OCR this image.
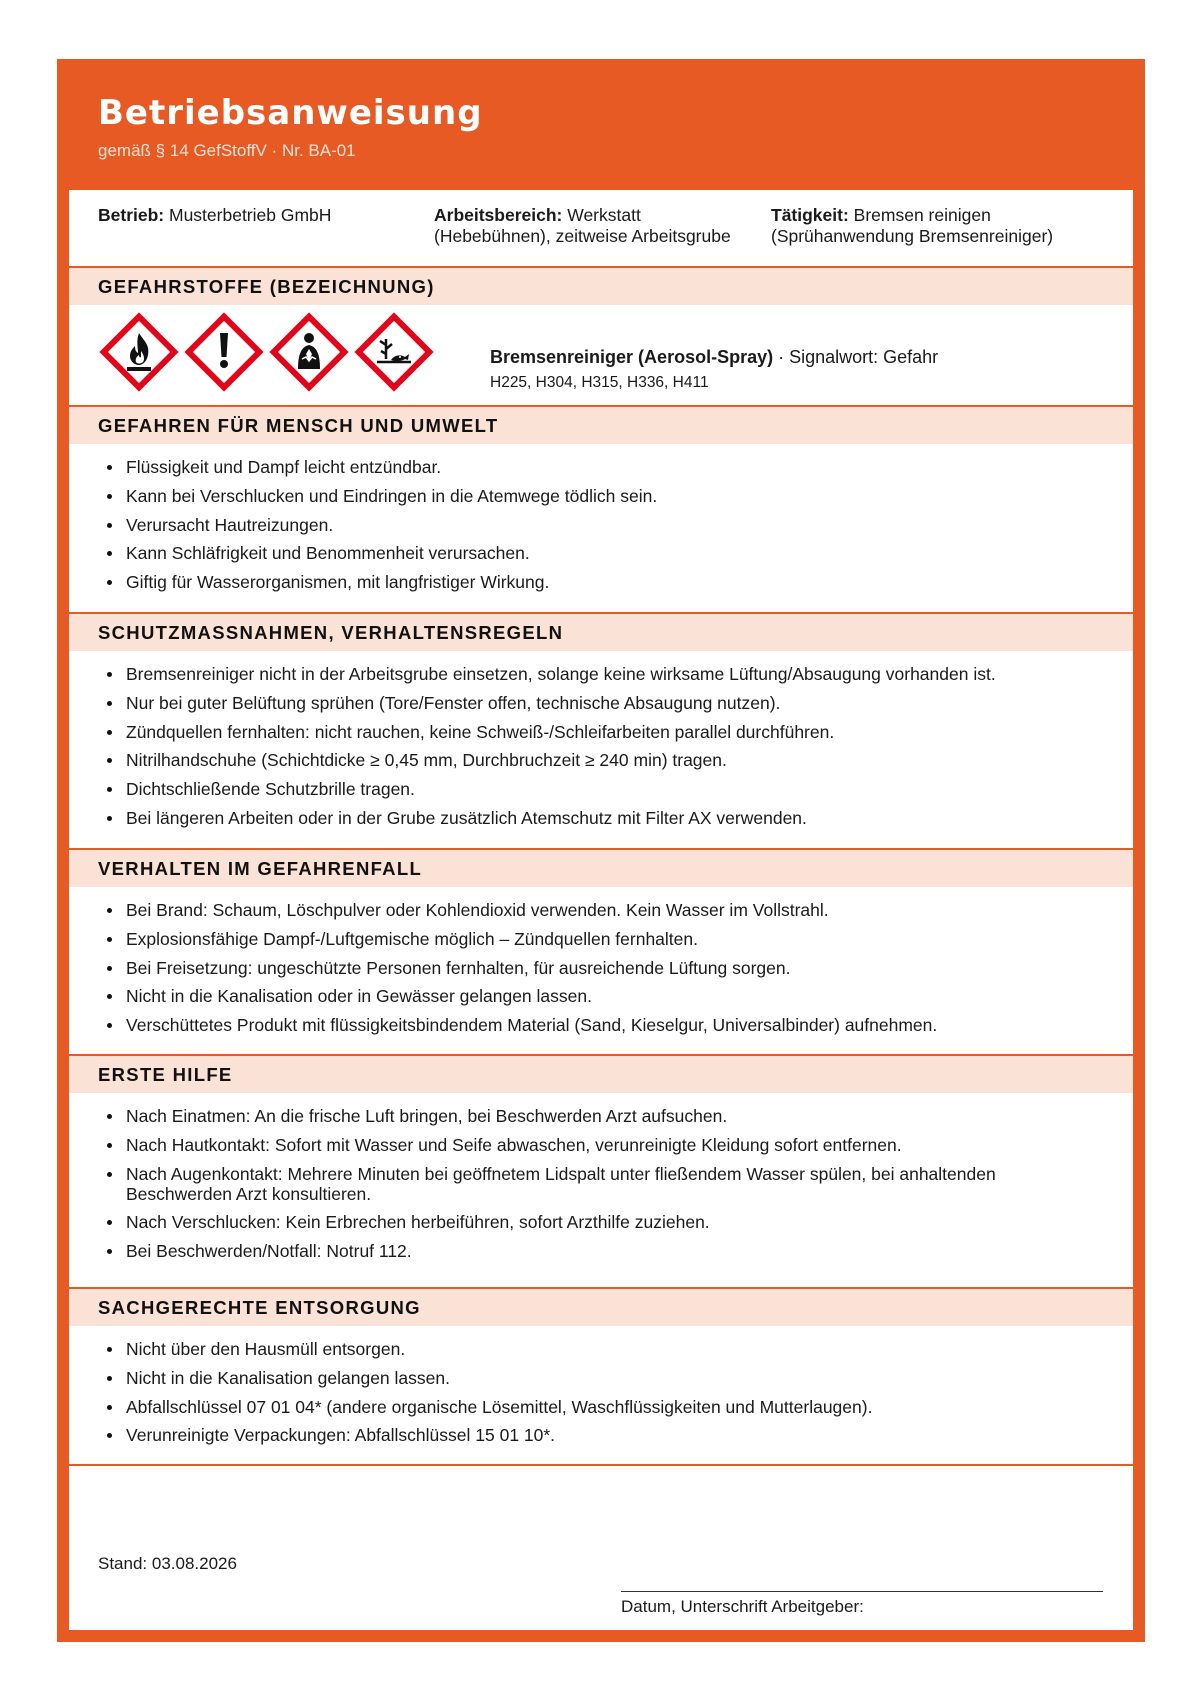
Betriebsanweisung
gemäß § 14 GefStoffV · Nr. BA-01
Betrieb: Musterbetrieb GmbH	Arbeitsbereich: Werkstatt
(Hebebühnen), zeitweise Arbeitsgrube
Tätigkeit: Bremsen reinigen
(Sprühanwendung Bremsenreiniger)
GEFAHRSTOFFE (BEZEICHNUNG)
Bremsenreiniger (Aerosol-Spray) · Signalwort: Gefahr
H225, H304, H315, H336, H411
GEFAHREN FÜR MENSCH UND UMWELT
Flüssigkeit und Dampf leicht entzündbar.
Kann bei Verschlucken und Eindringen in die Atemwege tödlich sein.
Verursacht Hautreizungen.
Kann Schläfrigkeit und Benommenheit verursachen.
Giftig für Wasserorganismen, mit langfristiger Wirkung.
SCHUTZMASSNAHMEN, VERHALTENSREGELN
Bremsenreiniger nicht in der Arbeitsgrube einsetzen, solange keine wirksame Lüftung/Absaugung vorhanden ist.
Nur bei guter Belüftung sprühen (Tore/Fenster offen, technische Absaugung nutzen).
Zündquellen fernhalten: nicht rauchen, keine Schweiß-/Schleifarbeiten parallel durchführen.
Nitrilhandschuhe (Schichtdicke ≥ 0,45 mm, Durchbruchzeit ≥ 240 min) tragen.
Dichtschließende Schutzbrille tragen.
Bei längeren Arbeiten oder in der Grube zusätzlich Atemschutz mit Filter AX verwenden.
VERHALTEN IM GEFAHRENFALL
Bei Brand: Schaum, Löschpulver oder Kohlendioxid verwenden. Kein Wasser im Vollstrahl.
Explosionsfähige Dampf-/Luftgemische möglich – Zündquellen fernhalten.
Bei Freisetzung: ungeschützte Personen fernhalten, für ausreichende Lüftung sorgen.
Nicht in die Kanalisation oder in Gewässer gelangen lassen.
Verschüttetes Produkt mit flüssigkeitsbindendem Material (Sand, Kieselgur, Universalbinder) aufnehmen.
ERSTE HILFE
Nach Einatmen: An die frische Luft bringen, bei Beschwerden Arzt aufsuchen.
Nach Hautkontakt: Sofort mit Wasser und Seife abwaschen, verunreinigte Kleidung sofort entfernen.
Nach Augenkontakt: Mehrere Minuten bei geöffnetem Lidspalt unter fließendem Wasser spülen, bei anhaltenden Beschwerden Arzt konsultieren.
Nach Verschlucken: Kein Erbrechen herbeiführen, sofort Arzthilfe zuziehen.
Bei Beschwerden/Notfall: Notruf 112.
SACHGERECHTE ENTSORGUNG
Nicht über den Hausmüll entsorgen.
Nicht in die Kanalisation gelangen lassen.
Abfallschlüssel 07 01 04* (andere organische Lösemittel, Waschflüssigkeiten und Mutterlaugen).
Verunreinigte Verpackungen: Abfallschlüssel 15 01 10*.
Stand: 03.08.2026
Datum, Unterschrift Arbeitgeber:
